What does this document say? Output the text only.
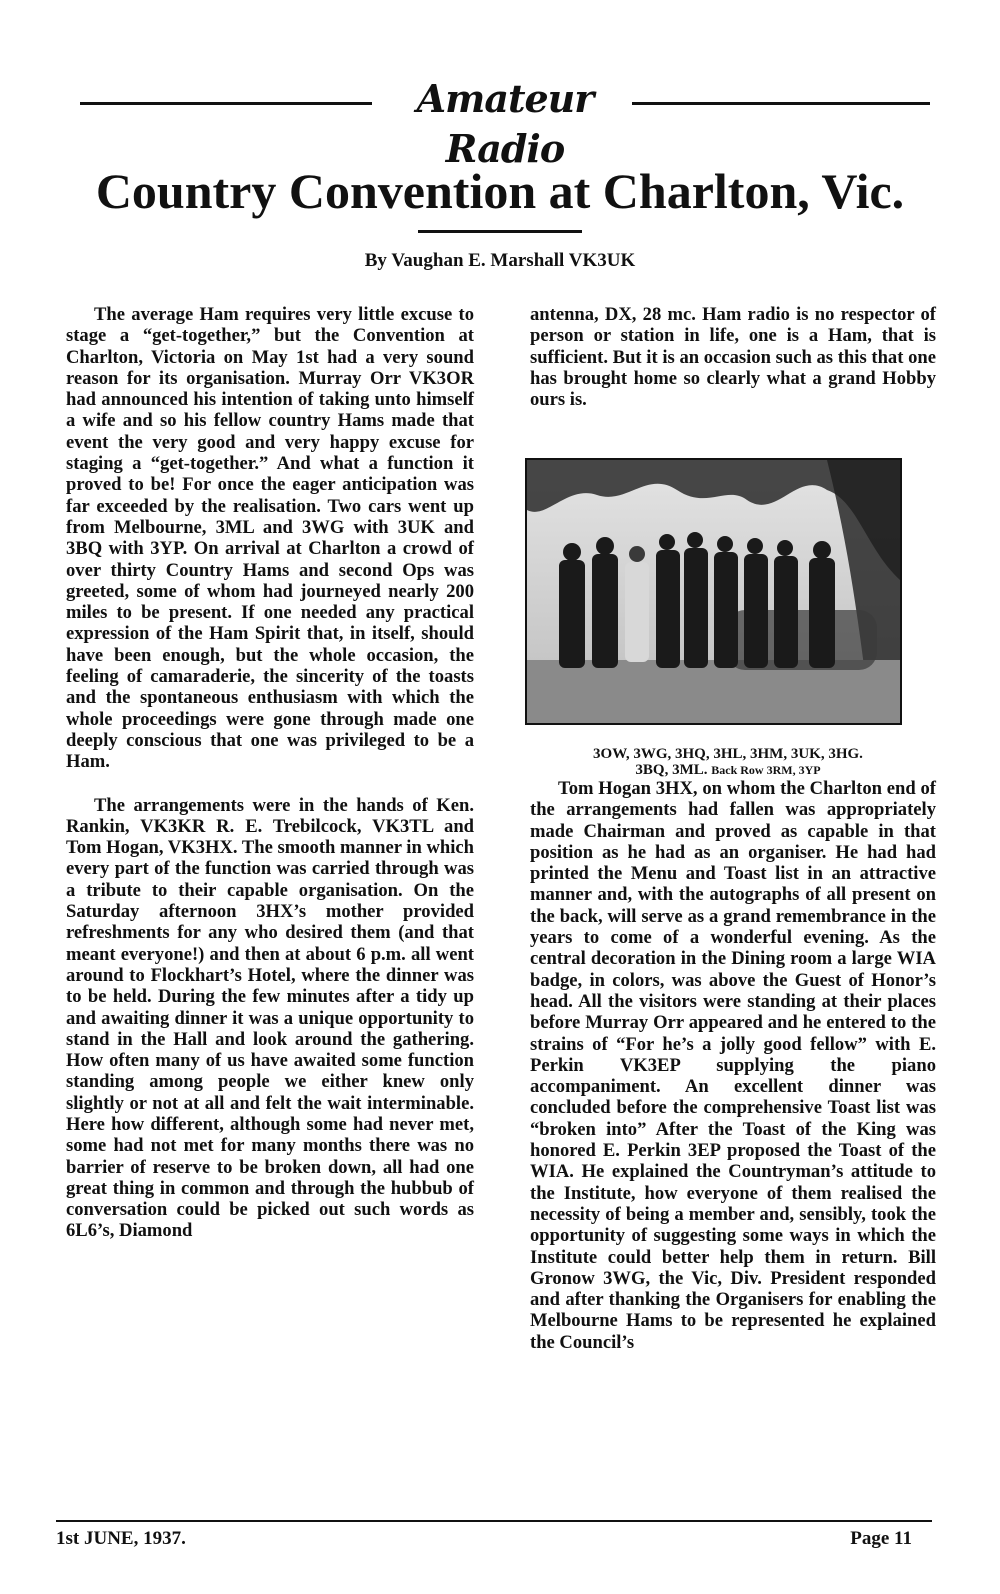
Amateur Radio
Country Convention at Charlton, Vic.
By Vaughan E. Marshall VK3UK

The average Ham requires very little excuse to stage a “get-together,” but the Convention at Charlton, Victoria on May 1st had a very sound reason for its organisation. Murray Orr VK3OR had announced his intention of taking unto himself a wife and so his fellow country Hams made that event the very good and very happy excuse for staging a “get-together.” And what a function it proved to be! For once the eager anticipation was far exceeded by the realisation. Two cars went up from Melbourne, 3ML and 3WG with 3UK and 3BQ with 3YP. On arrival at Charlton a crowd of over thirty Country Hams and second Ops was greeted, some of whom had journeyed nearly 200 miles to be present. If one needed any practical expression of the Ham Spirit that, in itself, should have been enough, but the whole occasion, the feeling of camaraderie, the sincerity of the toasts and the spontaneous enthusiasm with which the whole proceedings were gone through made one deeply conscious that one was privileged to be a Ham.

The arrangements were in the hands of Ken. Rankin, VK3KR R. E. Trebilcock, VK3TL and Tom Hogan, VK3HX. The smooth manner in which every part of the function was carried through was a tribute to their capable organisation. On the Saturday afternoon 3HX’s mother provided refreshments for any who desired them (and that meant everyone!) and then at about 6 p.m. all went around to Flockhart’s Hotel, where the dinner was to be held. During the few minutes after a tidy up and awaiting dinner it was a unique opportunity to stand in the Hall and look around the gathering. How often many of us have awaited some function standing among people we either knew only slightly or not at all and felt the wait interminable. Here how different, although some had never met, some had not met for many months there was no barrier of reserve to be broken down, all had one great thing in common and through the hubbub of conversation could be picked out such words as 6L6’s, Diamond

antenna, DX, 28 mc. Ham radio is no respector of person or station in life, one is a Ham, that is sufficient. But it is an occasion such as this that one has brought home so clearly what a grand Hobby ours is.

3OW, 3WG, 3HQ, 3HL, 3HM, 3UK, 3HG.
3BQ, 3ML. Back Row 3RM, 3YP

Tom Hogan 3HX, on whom the Charlton end of the arrangements had fallen was appropriately made Chairman and proved as capable in that position as he had as an organiser. He had had printed the Menu and Toast list in an attractive manner and, with the autographs of all present on the back, will serve as a grand remembrance in the years to come of a wonderful evening. As the central decoration in the Dining room a large WIA badge, in colors, was above the Guest of Honor’s head. All the visitors were standing at their places before Murray Orr appeared and he entered to the strains of “For he’s a jolly good fellow” with E. Perkin VK3EP supplying the piano accompaniment. An excellent dinner was concluded before the comprehensive Toast list was “broken into” After the Toast of the King was honored E. Perkin 3EP proposed the Toast of the WIA. He explained the Countryman’s attitude to the Institute, how everyone of them realised the necessity of being a member and, sensibly, took the opportunity of suggesting some ways in which the Institute could better help them in return. Bill Gronow 3WG, the Vic, Div. President responded and after thanking the Organisers for enabling the Melbourne Hams to be represented he explained the Council’s

1st JUNE, 1937.	Page 11
